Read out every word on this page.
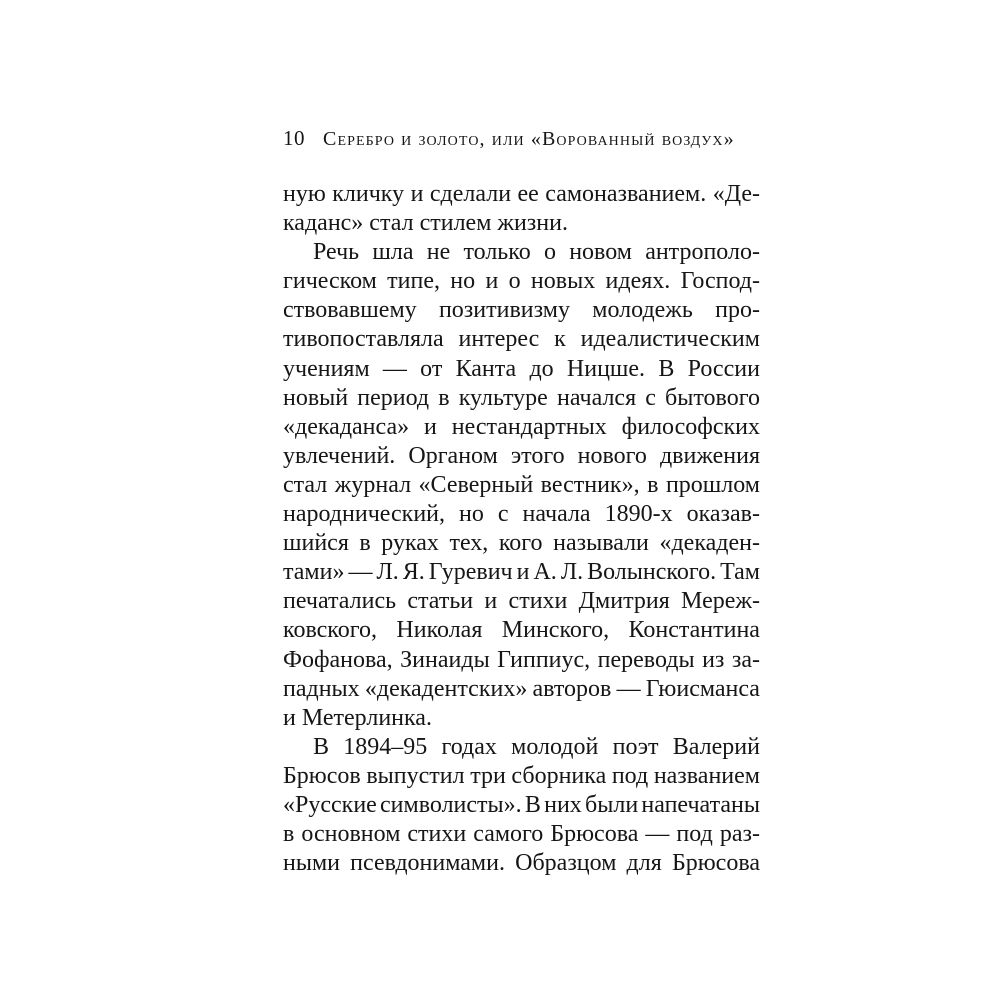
10 Серебро и золото, или «Ворованный воздух»
ную кличку и сделали ее самоназванием. «Де-
каданс» стал стилем жизни.
Речь шла не только о новом антрополо-
гическом типе, но и о новых идеях. Господ-
ствовавшему позитивизму молодежь про-
тивопоставляла интерес к идеалистическим
учениям — от Канта до Ницше. В России
новый период в культуре начался с бытового
«декаданса» и нестандартных философских
увлечений. Органом этого нового движения
стал журнал «Северный вестник», в прошлом
народнический, но с начала 1890-х оказав-
шийся в руках тех, кого называли «декаден-
тами» — Л. Я. Гуревич и А. Л. Волынского. Там
печатались статьи и стихи Дмитрия Мереж-
ковского, Николая Минского, Константина
Фофанова, Зинаиды Гиппиус, переводы из за-
падных «декадентских» авторов — Гюисманса
и Метерлинка.
В 1894–95 годах молодой поэт Валерий
Брюсов выпустил три сборника под названием
«Русские символисты». В них были напечатаны
в основном стихи самого Брюсова — под раз-
ными псевдонимами. Образцом для Брюсова
